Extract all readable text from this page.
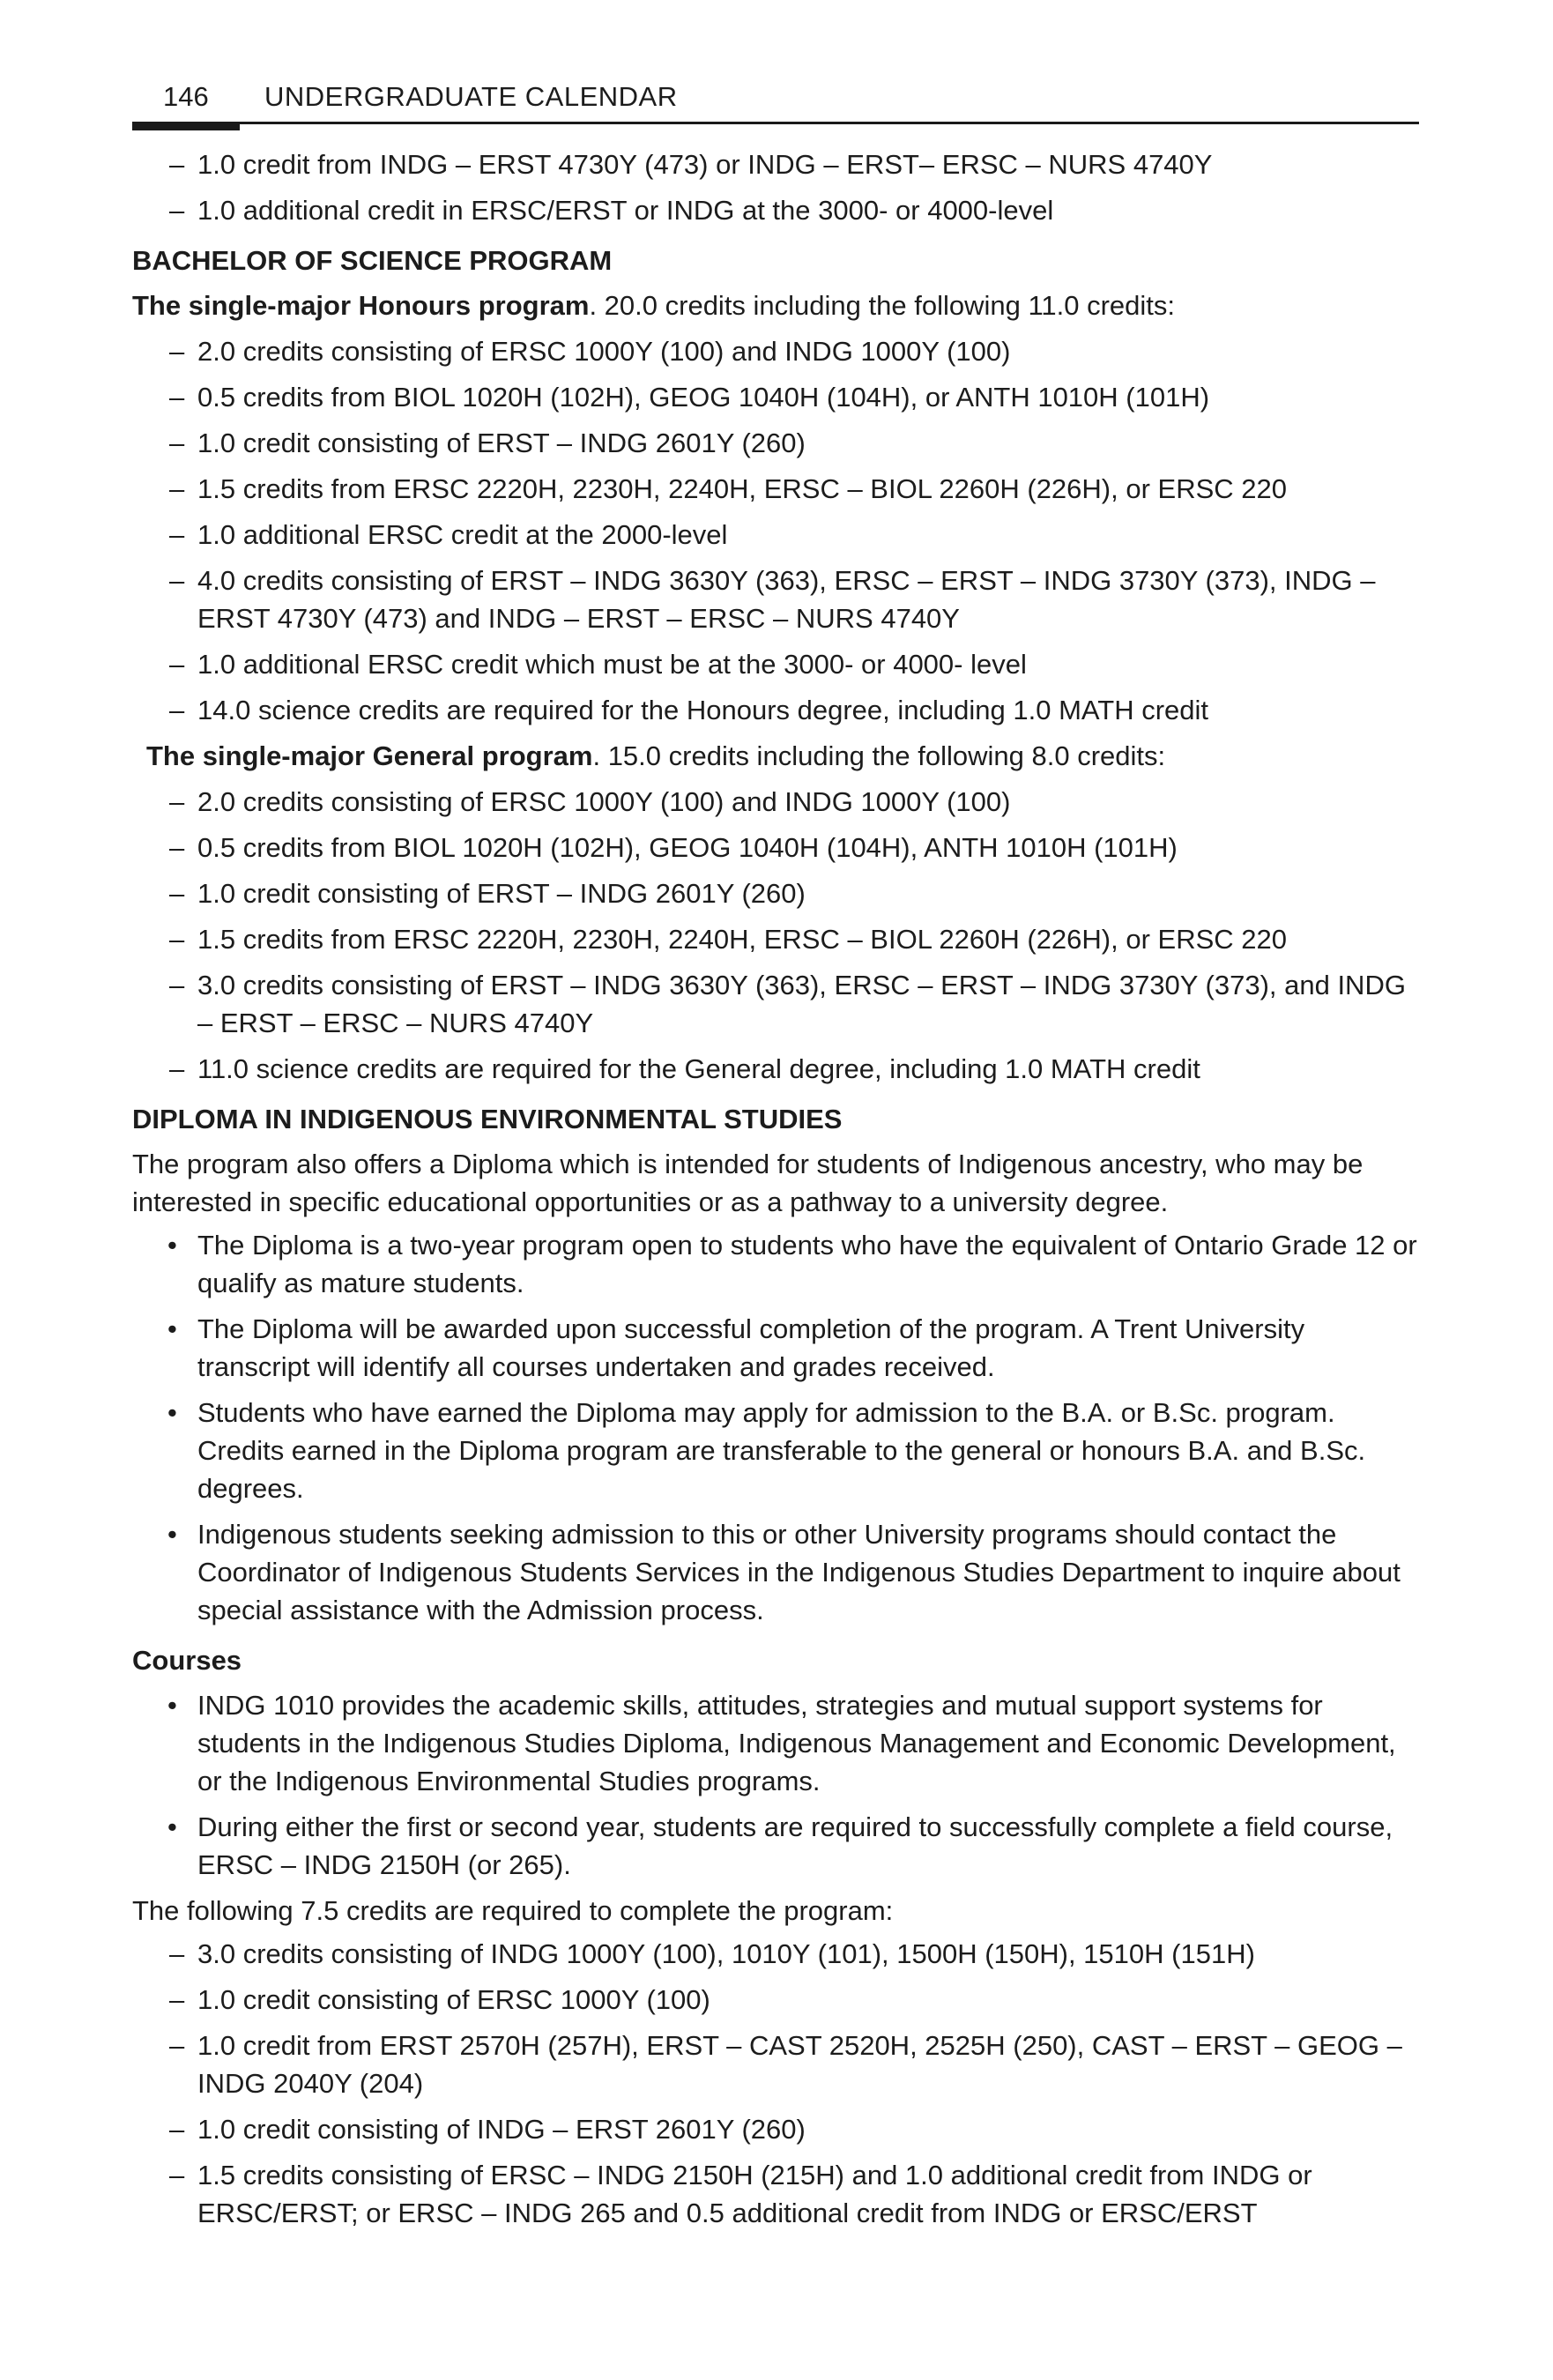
146 UNDERGRADUATE CALENDAR
– 1.0 credit from INDG – ERST 4730Y (473) or INDG – ERST– ERSC – NURS 4740Y
– 1.0 additional credit in ERSC/ERST or INDG at the 3000- or 4000-level
BACHELOR OF SCIENCE PROGRAM
The single-major Honours program. 20.0 credits including the following 11.0 credits:
– 2.0 credits consisting of ERSC 1000Y (100) and INDG 1000Y (100)
– 0.5 credits from BIOL 1020H (102H), GEOG 1040H (104H), or ANTH 1010H (101H)
– 1.0 credit consisting of ERST – INDG 2601Y (260)
– 1.5 credits from ERSC 2220H, 2230H, 2240H, ERSC – BIOL 2260H (226H), or ERSC 220
– 1.0 additional ERSC credit at the 2000-level
– 4.0 credits consisting of ERST – INDG 3630Y (363), ERSC – ERST – INDG 3730Y (373), INDG – ERST 4730Y (473) and INDG – ERST – ERSC – NURS 4740Y
– 1.0 additional ERSC credit which must be at the 3000- or 4000- level
– 14.0 science credits are required for the Honours degree, including 1.0 MATH credit
The single-major General program. 15.0 credits including the following 8.0 credits:
– 2.0 credits consisting of ERSC 1000Y (100) and INDG 1000Y (100)
– 0.5 credits from BIOL 1020H (102H), GEOG 1040H (104H), ANTH 1010H (101H)
– 1.0 credit consisting of ERST – INDG 2601Y (260)
– 1.5 credits from ERSC 2220H, 2230H, 2240H, ERSC – BIOL 2260H (226H), or ERSC 220
– 3.0 credits consisting of ERST – INDG 3630Y (363), ERSC – ERST – INDG 3730Y (373), and INDG – ERST – ERSC – NURS 4740Y
– 11.0 science credits are required for the General degree, including 1.0 MATH credit
DIPLOMA IN INDIGENOUS ENVIRONMENTAL STUDIES
The program also offers a Diploma which is intended for students of Indigenous ancestry, who may be interested in specific educational opportunities or as a pathway to a university degree.
• The Diploma is a two-year program open to students who have the equivalent of Ontario Grade 12 or qualify as mature students.
• The Diploma will be awarded upon successful completion of the program. A Trent University transcript will identify all courses undertaken and grades received.
• Students who have earned the Diploma may apply for admission to the B.A. or B.Sc. program. Credits earned in the Diploma program are transferable to the general or honours B.A. and B.Sc. degrees.
• Indigenous students seeking admission to this or other University programs should contact the Coordinator of Indigenous Students Services in the Indigenous Studies Department to inquire about special assistance with the Admission process.
Courses
• INDG 1010 provides the academic skills, attitudes, strategies and mutual support systems for students in the Indigenous Studies Diploma, Indigenous Management and Economic Development, or the Indigenous Environmental Studies programs.
• During either the first or second year, students are required to successfully complete a field course, ERSC – INDG 2150H (or 265).
The following 7.5 credits are required to complete the program:
– 3.0 credits consisting of INDG 1000Y (100), 1010Y (101), 1500H (150H), 1510H (151H)
– 1.0 credit consisting of ERSC 1000Y (100)
– 1.0 credit from ERST 2570H (257H), ERST – CAST 2520H, 2525H (250), CAST – ERST – GEOG – INDG 2040Y (204)
– 1.0 credit consisting of INDG – ERST 2601Y (260)
– 1.5 credits consisting of ERSC – INDG 2150H (215H) and 1.0 additional credit from INDG or ERSC/ERST; or ERSC – INDG 265 and 0.5 additional credit from INDG or ERSC/ERST
